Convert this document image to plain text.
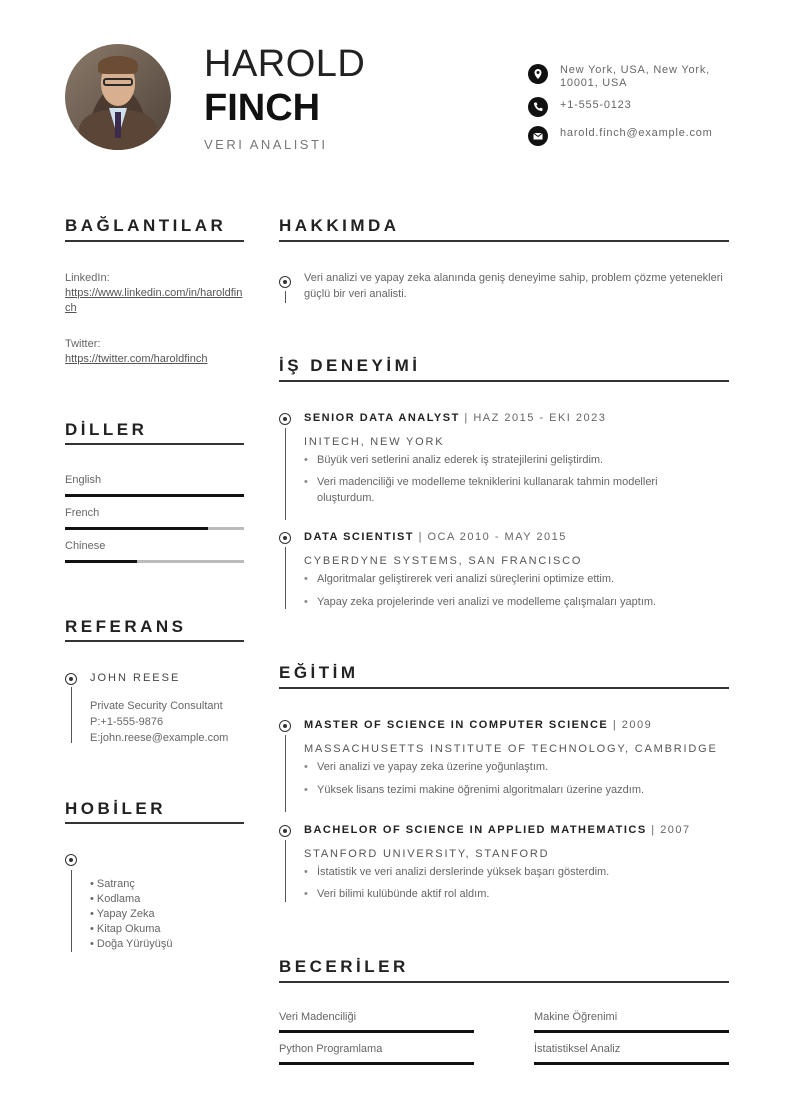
HAROLD
FINCH
VERI ANALISTI
New York, USA, New York, 10001, USA
+1-555-0123
harold.finch@example.com
BAĞLANTILAR
LinkedIn:
https://www.linkedin.com/in/haroldfinch
Twitter:
https://twitter.com/haroldfinch
DİLLER
English
French
Chinese
REFERANS
JOHN REESE
Private Security Consultant
P:+1-555-9876
E:john.reese@example.com
HOBİLER
• Satranç
• Kodlama
• Yapay Zeka
• Kitap Okuma
• Doğa Yürüyüşü
HAKKIMDA
Veri analizi ve yapay zeka alanında geniş deneyime sahip, problem çözme yetenekleri güçlü bir veri analisti.
İŞ DENEYİMİ
SENIOR DATA ANALYST | HAZ 2015 - EKI 2023
INITECH, NEW YORK
• Büyük veri setlerini analiz ederek iş stratejilerini geliştirdim.
• Veri madenciliği ve modelleme tekniklerini kullanarak tahmin modelleri oluşturdum.
DATA SCIENTIST | OCA 2010 - MAY 2015
CYBERDYNE SYSTEMS, SAN FRANCISCO
• Algoritmalar geliştirerek veri analizi süreçlerini optimize ettim.
• Yapay zeka projelerinde veri analizi ve modelleme çalışmaları yaptım.
EĞİTİM
MASTER OF SCIENCE IN COMPUTER SCIENCE | 2009
MASSACHUSETTS INSTITUTE OF TECHNOLOGY, CAMBRIDGE
• Veri analizi ve yapay zeka üzerine yoğunlaştım.
• Yüksek lisans tezimi makine öğrenimi algoritmaları üzerine yazdım.
BACHELOR OF SCIENCE IN APPLIED MATHEMATICS | 2007
STANFORD UNIVERSITY, STANFORD
• İstatistik ve veri analizi derslerinde yüksek başarı gösterdim.
• Veri bilimi kulübünde aktif rol aldım.
BECERİLER
Veri Madenciliği	Makine Öğrenimi
Python Programlama	İstatistiksel Analiz
